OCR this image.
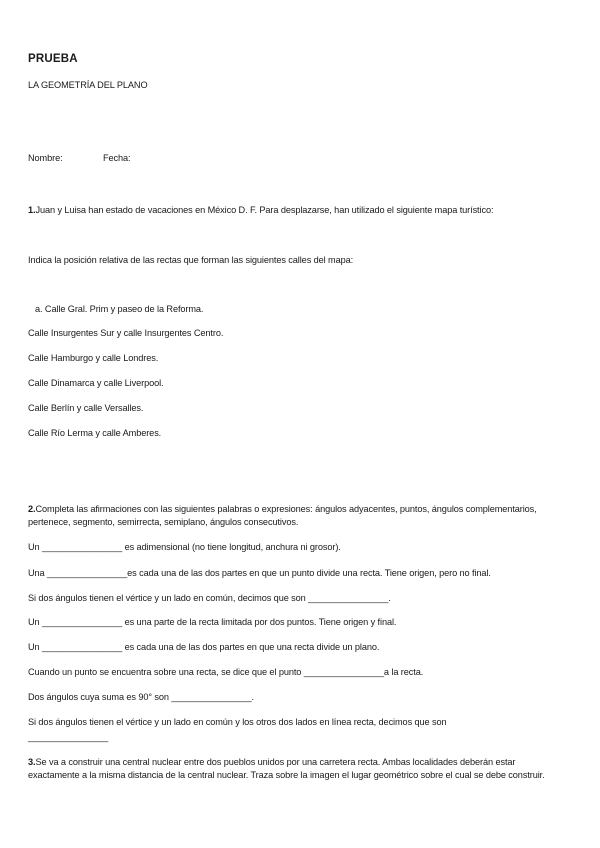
PRUEBA
LA GEOMETRÍA DEL PLANO
Nombre:	Fecha:
1.Juan y Luisa han estado de vacaciones en México D. F. Para desplazarse, han utilizado el siguiente mapa turístico:
Indica la posición relativa de las rectas que forman las siguientes calles del mapa:
a. Calle Gral. Prim y paseo de la Reforma.
Calle Insurgentes Sur y calle Insurgentes Centro.
Calle Hamburgo y calle Londres.
Calle Dinamarca y calle Liverpool.
Calle Berlín y calle Versalles.
Calle Río Lerma y calle Amberes.
2.Completa las afirmaciones con las siguientes palabras o expresiones: ángulos adyacentes, puntos, ángulos complementarios, pertenece, segmento, semirrecta, semiplano, ángulos consecutivos.
Un ________________ es adimensional (no tiene longitud, anchura ni grosor).
Una ________________es cada una de las dos partes en que un punto divide una recta. Tiene origen, pero no final.
Si dos ángulos tienen el vértice y un lado en común, decimos que son ________________.
Un ________________ es una parte de la recta limitada por dos puntos. Tiene origen y final.
Un ________________ es cada una de las dos partes en que una recta divide un plano.
Cuando un punto se encuentra sobre una recta, se dice que el punto ________________a la recta.
Dos ángulos cuya suma es 90° son ________________.
Si dos ángulos tienen el vértice y un lado en común y los otros dos lados en línea recta, decimos que son
________________
3.Se va a construir una central nuclear entre dos pueblos unidos por una carretera recta. Ambas localidades deberán estar exactamente a la misma distancia de la central nuclear. Traza sobre la imagen el lugar geométrico sobre el cual se debe construir.
